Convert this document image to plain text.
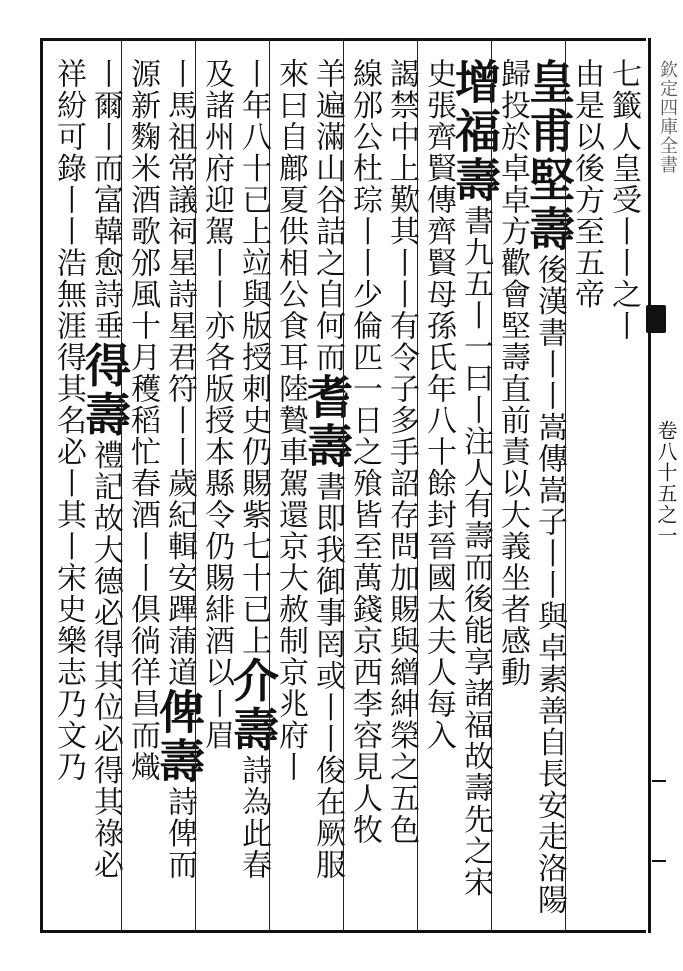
欽定四庫全書
卷八十五之一
七籤人皇受丨丨之丨
由是以後方至五帝
皇甫堅壽後漢書丨丨嵩傳嵩子丨丨與卓素善自長安走洛陽
歸投於卓卓方歡會堅壽直前責以大義坐者感動
增福壽書九五丨一曰丨注人有壽而後能享諸福故壽先之宋
史張齊賢傳齊賢母孫氏年八十餘封晉國太夫人每入
謁禁中上歎其丨丨有令子多手詔存問加賜與繒紳榮之五色
線邠公杜琮丨丨少倫匹一日之飱皆至萬錢京西李容見人牧
羊遍滿山谷詰之自何而耆壽書即我御事罔或丨丨俊在厥服
來曰自鄜夏供相公食耳陸贄車駕還京大赦制京兆府丨
丨年八十已上竝與版授刺史仍賜紫七十已上介壽詩為此春
及諸州府迎駕丨丨亦各版授本縣令仍賜緋酒以丨眉
丨馬祖常議祠星詩星君符丨丨歲紀輯安蹕蒲道俾壽詩俾而
源新麴米酒歌邠風十月穫稻忙春酒丨丨俱徜徉昌而熾
丨爾丨而富韓愈詩垂得壽禮記故大德必得其位必得其祿必
祥紛可錄丨丨浩無涯得其名必丨其丨宋史樂志乃文乃
